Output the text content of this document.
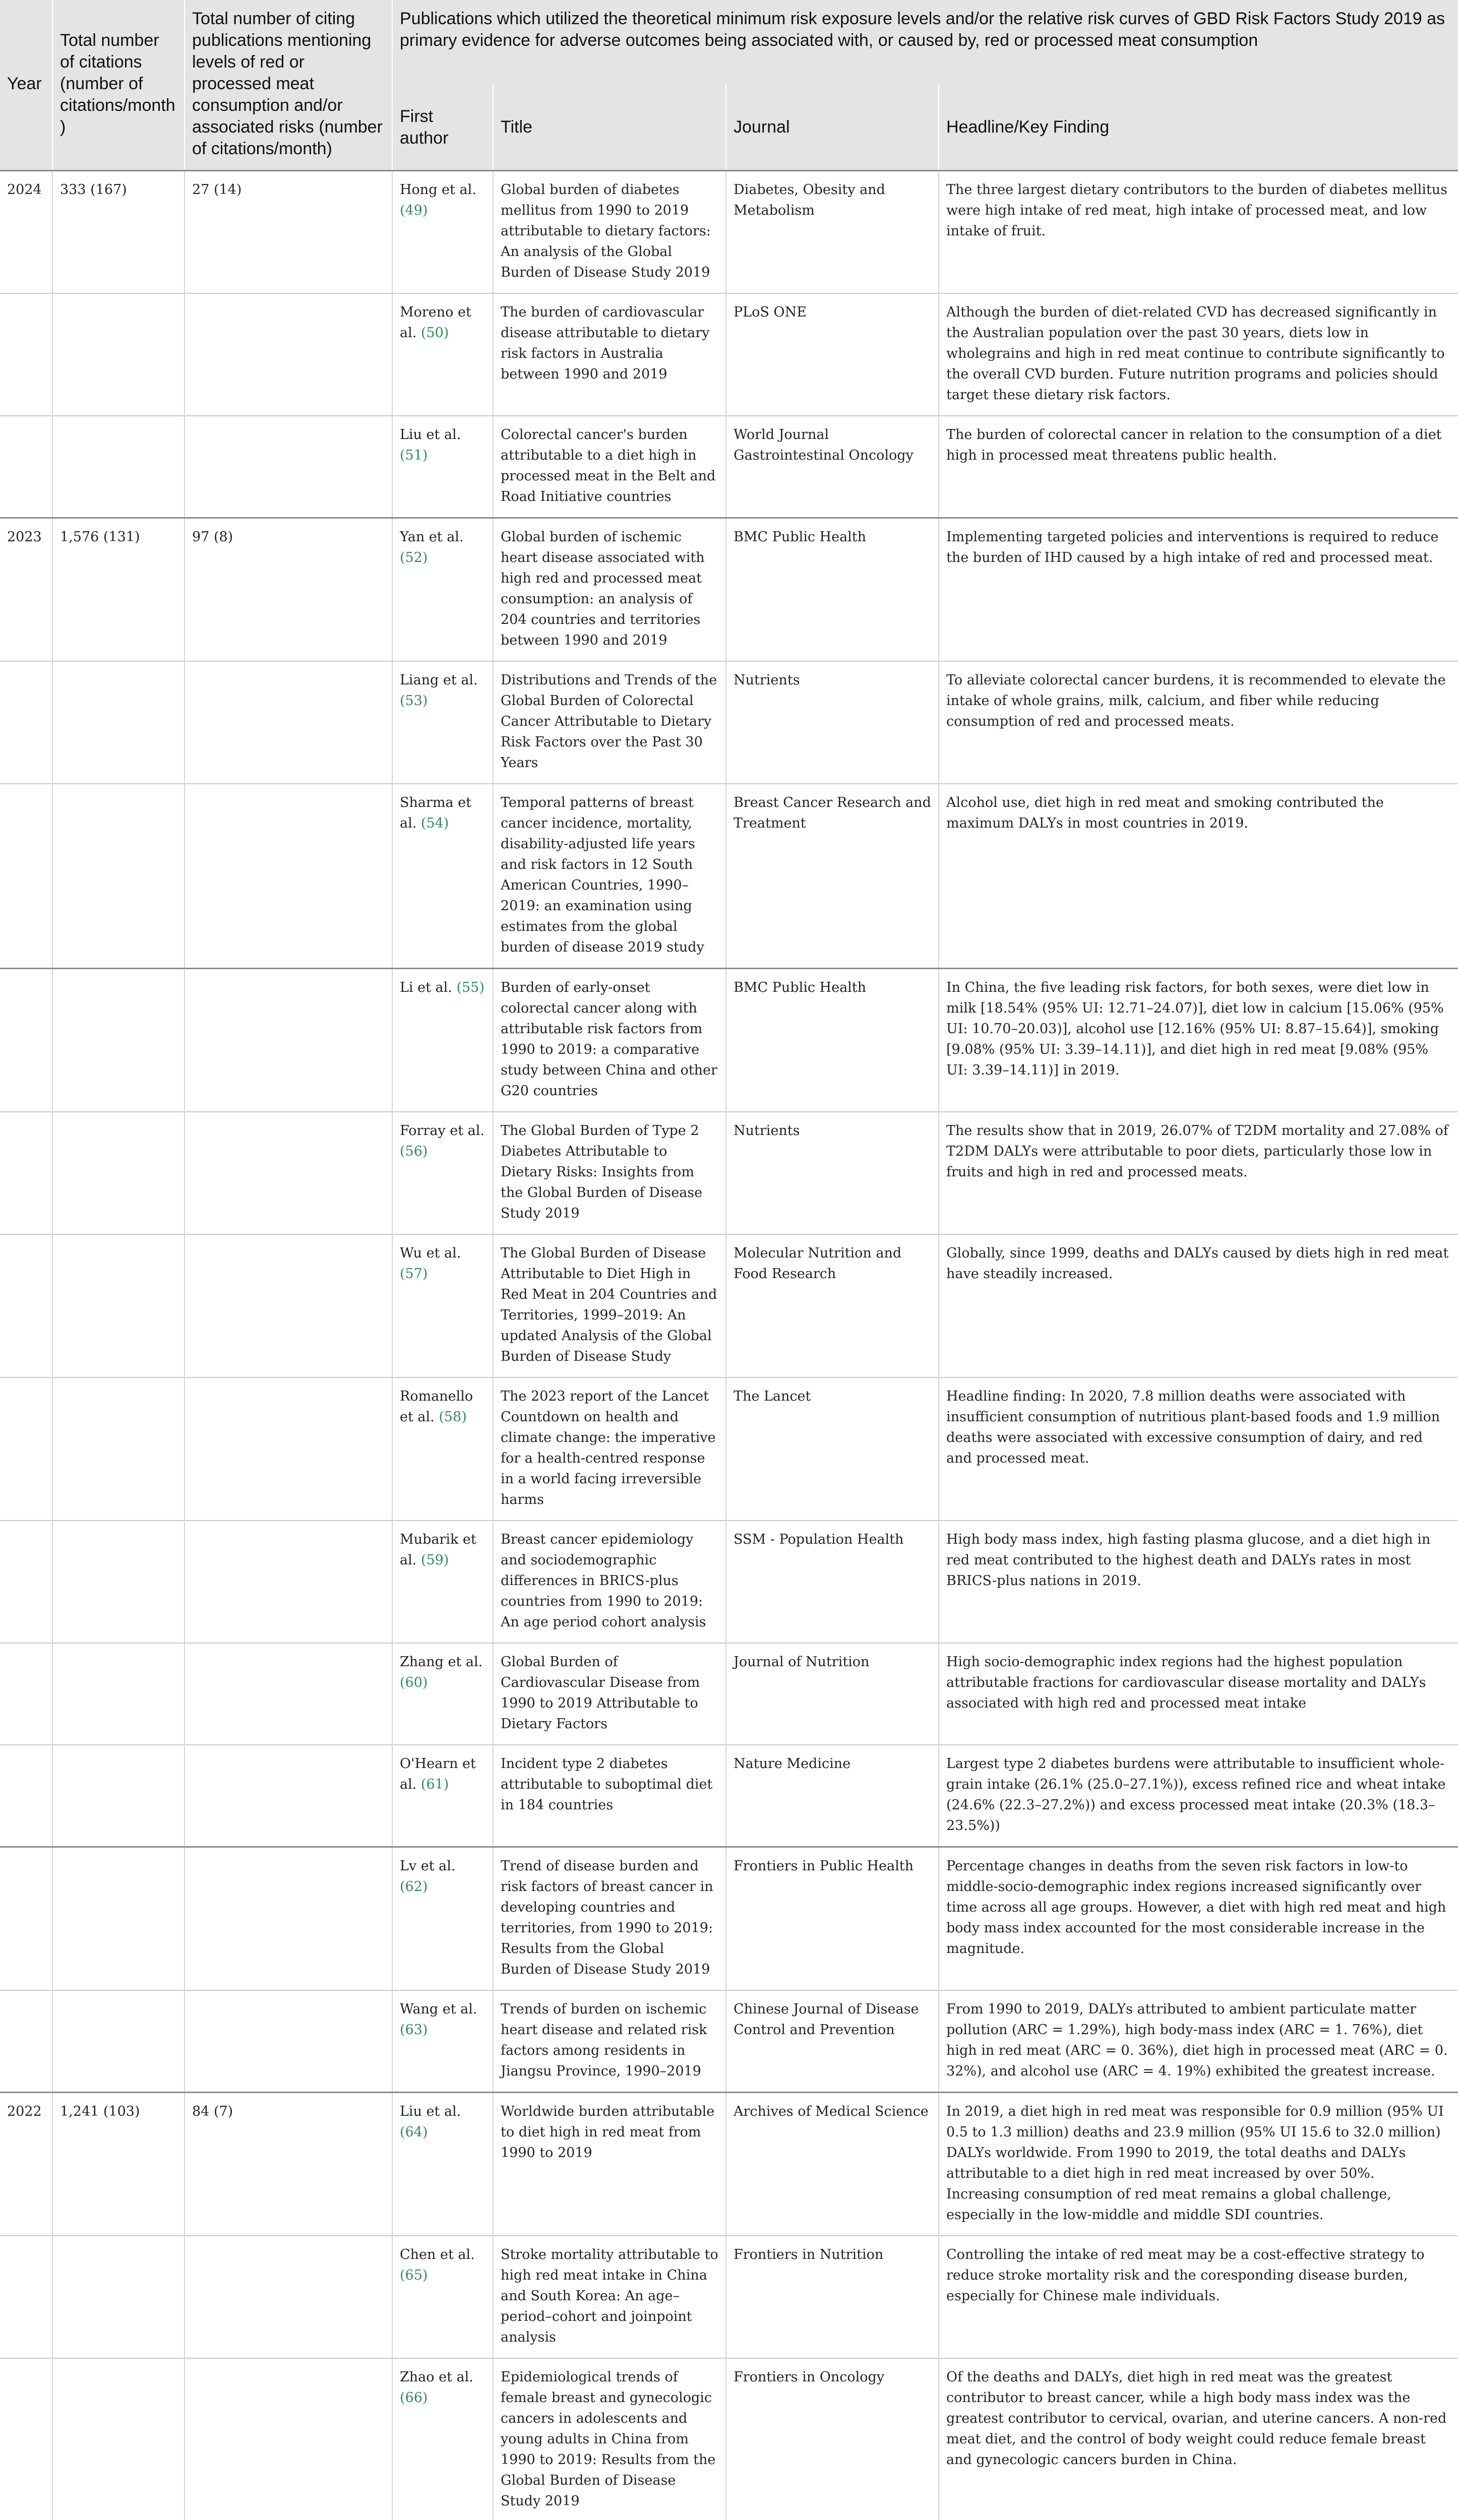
Year	Total number of citations (number of citations/month)	Total number of citing publications mentioning levels of red or processed meat consumption and/or associated risks (number of citations/month)	Publications which utilized the theoretical minimum risk exposure levels and/or the relative risk curves of GBD Risk Factors Study 2019 as primary evidence for adverse outcomes being associated with, or caused by, red or processed meat consumption			
			First author	Title	Journal	Headline/Key Finding
2024	333 (167)	27 (14)	Hong et al. (49)	Global burden of diabetes mellitus from 1990 to 2019 attributable to dietary factors: An analysis of the Global Burden of Disease Study 2019	Diabetes, Obesity and Metabolism	The three largest dietary contributors to the burden of diabetes mellitus were high intake of red meat, high intake of processed meat, and low intake of fruit.
			Moreno et al. (50)	The burden of cardiovascular disease attributable to dietary risk factors in Australia between 1990 and 2019	PLoS ONE	Although the burden of diet-related CVD has decreased significantly in the Australian population over the past 30 years, diets low in wholegrains and high in red meat continue to contribute significantly to the overall CVD burden. Future nutrition programs and policies should target these dietary risk factors.
			Liu et al. (51)	Colorectal cancer's burden attributable to a diet high in processed meat in the Belt and Road Initiative countries	World Journal Gastrointestinal Oncology	The burden of colorectal cancer in relation to the consumption of a diet high in processed meat threatens public health.
2023	1,576 (131)	97 (8)	Yan et al. (52)	Global burden of ischemic heart disease associated with high red and processed meat consumption: an analysis of 204 countries and territories between 1990 and 2019	BMC Public Health	Implementing targeted policies and interventions is required to reduce the burden of IHD caused by a high intake of red and processed meat.
			Liang et al. (53)	Distributions and Trends of the Global Burden of Colorectal Cancer Attributable to Dietary Risk Factors over the Past 30 Years	Nutrients	To alleviate colorectal cancer burdens, it is recommended to elevate the intake of whole grains, milk, calcium, and fiber while reducing consumption of red and processed meats.
			Sharma et al. (54)	Temporal patterns of breast cancer incidence, mortality, disability-adjusted life years and risk factors in 12 South American Countries, 1990–2019: an examination using estimates from the global burden of disease 2019 study	Breast Cancer Research and Treatment	Alcohol use, diet high in red meat and smoking contributed the maximum DALYs in most countries in 2019.
			Li et al. (55)	Burden of early-onset colorectal cancer along with attributable risk factors from 1990 to 2019: a comparative study between China and other G20 countries	BMC Public Health	In China, the five leading risk factors, for both sexes, were diet low in milk [18.54% (95% UI: 12.71–24.07)], diet low in calcium [15.06% (95% UI: 10.70–20.03)], alcohol use [12.16% (95% UI: 8.87–15.64)], smoking [9.08% (95% UI: 3.39–14.11)], and diet high in red meat [9.08% (95% UI: 3.39–14.11)] in 2019.
			Forray et al. (56)	The Global Burden of Type 2 Diabetes Attributable to Dietary Risks: Insights from the Global Burden of Disease Study 2019	Nutrients	The results show that in 2019, 26.07% of T2DM mortality and 27.08% of T2DM DALYs were attributable to poor diets, particularly those low in fruits and high in red and processed meats.
			Wu et al. (57)	The Global Burden of Disease Attributable to Diet High in Red Meat in 204 Countries and Territories, 1999–2019: An updated Analysis of the Global Burden of Disease Study	Molecular Nutrition and Food Research	Globally, since 1999, deaths and DALYs caused by diets high in red meat have steadily increased.
			Romanello et al. (58)	The 2023 report of the Lancet Countdown on health and climate change: the imperative for a health-centred response in a world facing irreversible harms	The Lancet	Headline finding: In 2020, 7.8 million deaths were associated with insufficient consumption of nutritious plant-based foods and 1.9 million deaths were associated with excessive consumption of dairy, and red and processed meat.
			Mubarik et al. (59)	Breast cancer epidemiology and sociodemographic differences in BRICS-plus countries from 1990 to 2019: An age period cohort analysis	SSM - Population Health	High body mass index, high fasting plasma glucose, and a diet high in red meat contributed to the highest death and DALYs rates in most BRICS-plus nations in 2019.
			Zhang et al. (60)	Global Burden of Cardiovascular Disease from 1990 to 2019 Attributable to Dietary Factors	Journal of Nutrition	High socio-demographic index regions had the highest population attributable fractions for cardiovascular disease mortality and DALYs associated with high red and processed meat intake
			O'Hearn et al. (61)	Incident type 2 diabetes attributable to suboptimal diet in 184 countries	Nature Medicine	Largest type 2 diabetes burdens were attributable to insufficient whole-grain intake (26.1% (25.0–27.1%)), excess refined rice and wheat intake (24.6% (22.3–27.2%)) and excess processed meat intake (20.3% (18.3–23.5%))
			Lv et al. (62)	Trend of disease burden and risk factors of breast cancer in developing countries and territories, from 1990 to 2019: Results from the Global Burden of Disease Study 2019	Frontiers in Public Health	Percentage changes in deaths from the seven risk factors in low-to middle-socio-demographic index regions increased significantly over time across all age groups. However, a diet with high red meat and high body mass index accounted for the most considerable increase in the magnitude.
			Wang et al. (63)	Trends of burden on ischemic heart disease and related risk factors among residents in Jiangsu Province, 1990–2019	Chinese Journal of Disease Control and Prevention	From 1990 to 2019, DALYs attributed to ambient particulate matter pollution (ARC = 1.29%), high body-mass index (ARC = 1. 76%), diet high in red meat (ARC = 0. 36%), diet high in processed meat (ARC = 0. 32%), and alcohol use (ARC = 4. 19%) exhibited the greatest increase.
2022	1,241 (103)	84 (7)	Liu et al. (64)	Worldwide burden attributable to diet high in red meat from 1990 to 2019	Archives of Medical Science	In 2019, a diet high in red meat was responsible for 0.9 million (95% UI 0.5 to 1.3 million) deaths and 23.9 million (95% UI 15.6 to 32.0 million) DALYs worldwide. From 1990 to 2019, the total deaths and DALYs attributable to a diet high in red meat increased by over 50%. Increasing consumption of red meat remains a global challenge, especially in the low-middle and middle SDI countries.
			Chen et al. (65)	Stroke mortality attributable to high red meat intake in China and South Korea: An age–period–cohort and joinpoint analysis	Frontiers in Nutrition	Controlling the intake of red meat may be a cost-effective strategy to reduce stroke mortality risk and the coresponding disease burden, especially for Chinese male individuals.
			Zhao et al. (66)	Epidemiological trends of female breast and gynecologic cancers in adolescents and young adults in China from 1990 to 2019: Results from the Global Burden of Disease Study 2019	Frontiers in Oncology	Of the deaths and DALYs, diet high in red meat was the greatest contributor to breast cancer, while a high body mass index was the greatest contributor to cervical, ovarian, and uterine cancers. A non-red meat diet, and the control of body weight could reduce female breast and gynecologic cancers burden in China.
